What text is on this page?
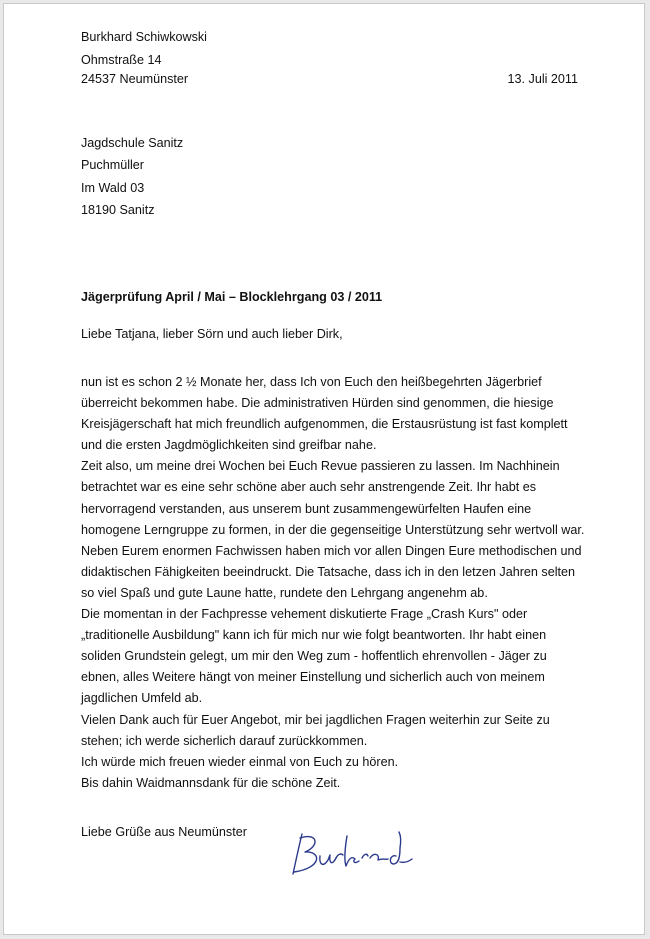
Burkhard Schiwkowski
Ohmstraße 14
24537 Neumünster	13. Juli 2011
Jagdschule Sanitz
Puchmüller
Im Wald 03
18190 Sanitz
Jägerprüfung April / Mai – Blocklehrgang 03 / 2011
Liebe Tatjana, lieber Sörn und auch lieber Dirk,
nun ist es schon 2 ½ Monate her, dass Ich von Euch den heißbegehrten Jägerbrief
überreicht bekommen habe. Die administrativen Hürden sind genommen, die hiesige
Kreisjägerschaft hat mich freundlich aufgenommen, die Erstausrüstung ist fast komplett
und die ersten Jagdmöglichkeiten sind greifbar nahe.
Zeit also, um meine drei Wochen bei Euch Revue passieren zu lassen. Im Nachhinein
betrachtet war es eine sehr schöne aber auch sehr anstrengende Zeit. Ihr habt es
hervorragend verstanden, aus unserem bunt zusammengewürfelten Haufen eine
homogene Lerngruppe zu formen, in der die gegenseitige Unterstützung sehr wertvoll war.
Neben Eurem enormen Fachwissen haben mich vor allen Dingen Eure methodischen und
didaktischen Fähigkeiten beeindruckt. Die Tatsache, dass ich in den letzen Jahren selten
so viel Spaß und gute Laune hatte, rundete den Lehrgang angenehm ab.
Die momentan in der Fachpresse vehement diskutierte Frage „Crash Kurs" oder
„traditionelle Ausbildung" kann ich für mich nur wie folgt beantworten. Ihr habt einen
soliden Grundstein gelegt, um mir den Weg zum - hoffentlich ehrenvollen - Jäger zu
ebnen, alles Weitere hängt von meiner Einstellung und sicherlich auch von meinem
jagdlichen Umfeld ab.
Vielen Dank auch für Euer Angebot, mir bei jagdlichen Fragen weiterhin zur Seite zu
stehen; ich werde sicherlich darauf zurückkommen.
Ich würde mich freuen wieder einmal von Euch zu hören.
Bis dahin Waidmannsdank für die schöne Zeit.
Liebe Grüße aus Neumünster
